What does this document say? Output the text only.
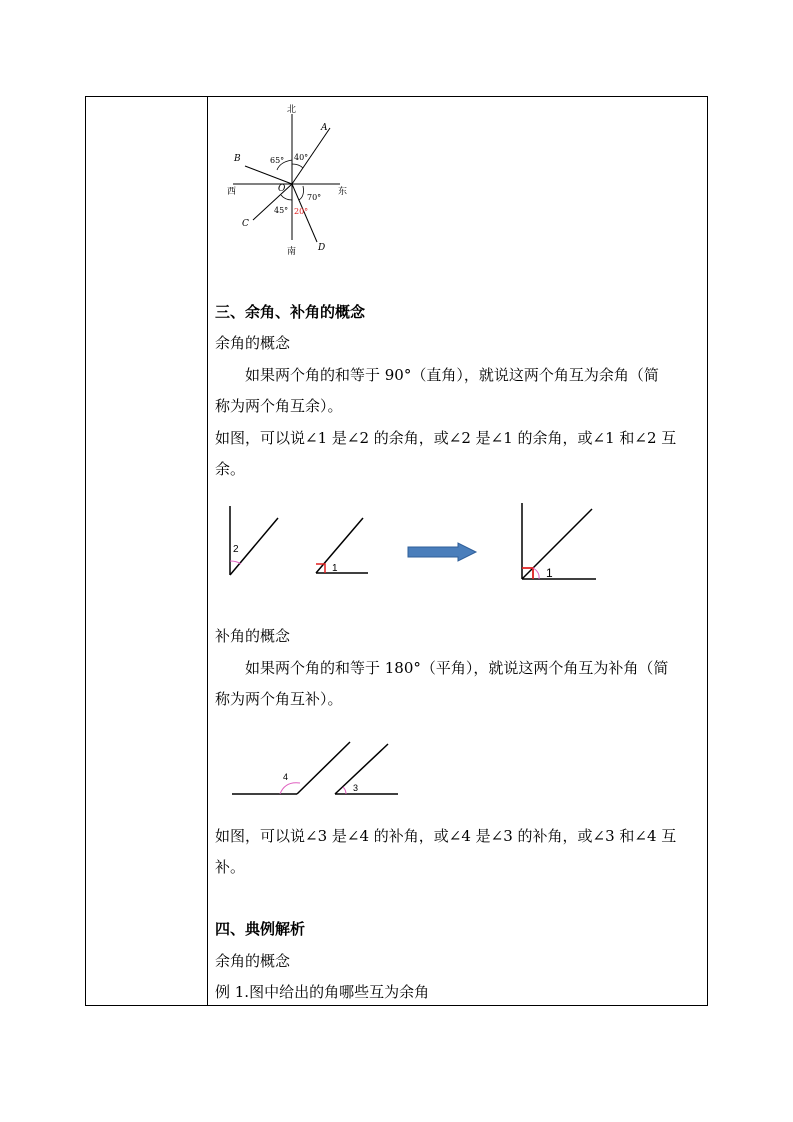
北
南
东
西	O
A
B
C
D
40°
65°
70°
45° 20°
三、余角、补角的概念
余角的概念
如果两个角的和等于 90°（直角），就说这两个角互为余角（简
称为两个角互余）。
如图，可以说∠1 是∠2 的余角，或∠2 是∠1 的余角，或∠1 和∠2 互
余。
2
1	1
补角的概念
如果两个角的和等于 180°（平角），就说这两个角互为补角（简
称为两个角互补）。
4
3
如图，可以说∠3 是∠4 的补角，或∠4 是∠3 的补角，或∠3 和∠4 互
补。
四、典例解析
余角的概念
例 1.图中给出的角哪些互为余角
